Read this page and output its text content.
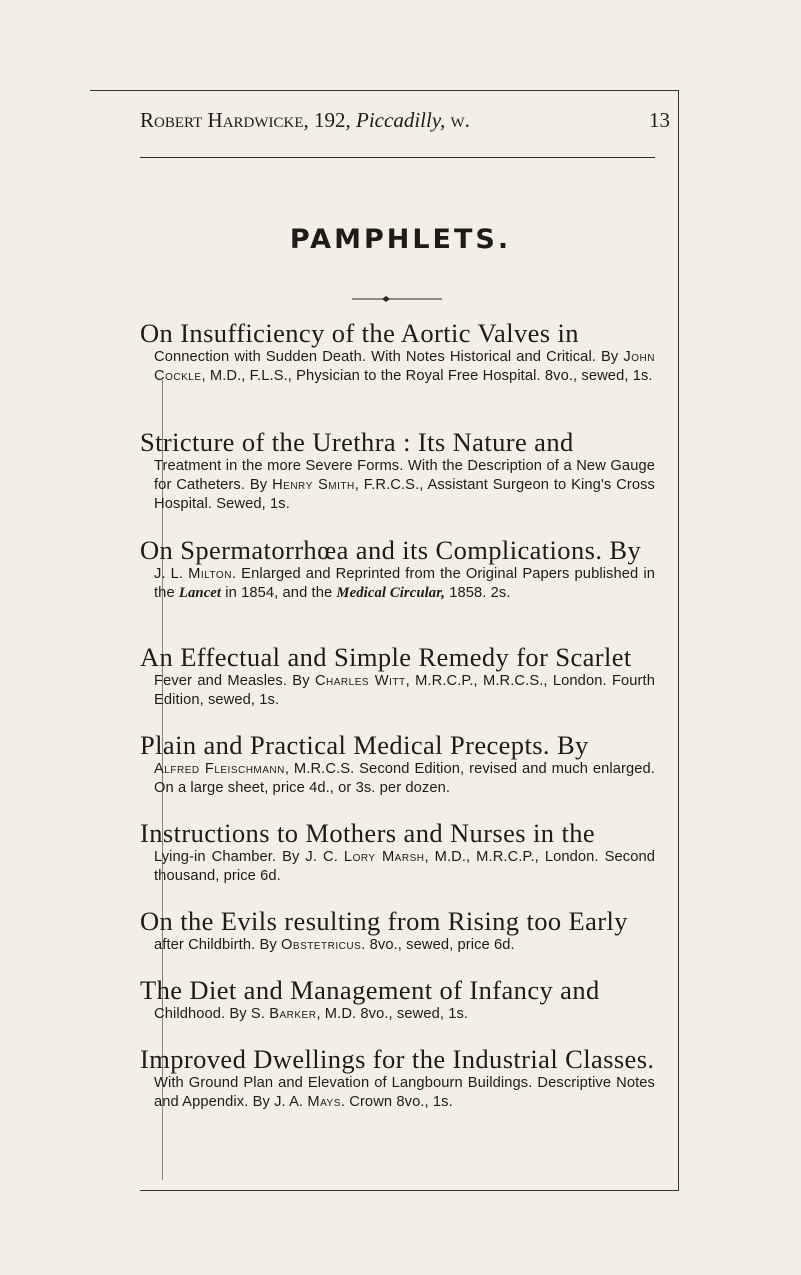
Robert Hardwicke, 192, Piccadilly, w.	13
PAMPHLETS.
On Insufficiency of the Aortic Valves in
Connection with Sudden Death. With Notes Historical and Critical. By John Cockle, M.D., F.L.S., Physician to the Royal Free Hospital. 8vo., sewed, 1s.
Stricture of the Urethra : Its Nature and
Treatment in the more Severe Forms. With the Description of a New Gauge for Catheters. By Henry Smith, F.R.C.S., Assistant Surgeon to King's Cross Hospital. Sewed, 1s.
On Spermatorrhœa and its Complications. By
J. L. Milton. Enlarged and Reprinted from the Original Papers published in the Lancet in 1854, and the Medical Circular, 1858. 2s.
An Effectual and Simple Remedy for Scarlet
Fever and Measles. By Charles Witt, M.R.C.P., M.R.C.S., London. Fourth Edition, sewed, 1s.
Plain and Practical Medical Precepts. By
Alfred Fleischmann, M.R.C.S. Second Edition, revised and much enlarged. On a large sheet, price 4d., or 3s. per dozen.
Instructions to Mothers and Nurses in the
Lying-in Chamber. By J. C. Lory Marsh, M.D., M.R.C.P., London. Second thousand, price 6d.
On the Evils resulting from Rising too Early
after Childbirth. By Obstetricus. 8vo., sewed, price 6d.
The Diet and Management of Infancy and
Childhood. By S. Barker, M.D. 8vo., sewed, 1s.
Improved Dwellings for the Industrial Classes.
With Ground Plan and Elevation of Langbourn Buildings. Descriptive Notes and Appendix. By J. A. Mays. Crown 8vo., 1s.
